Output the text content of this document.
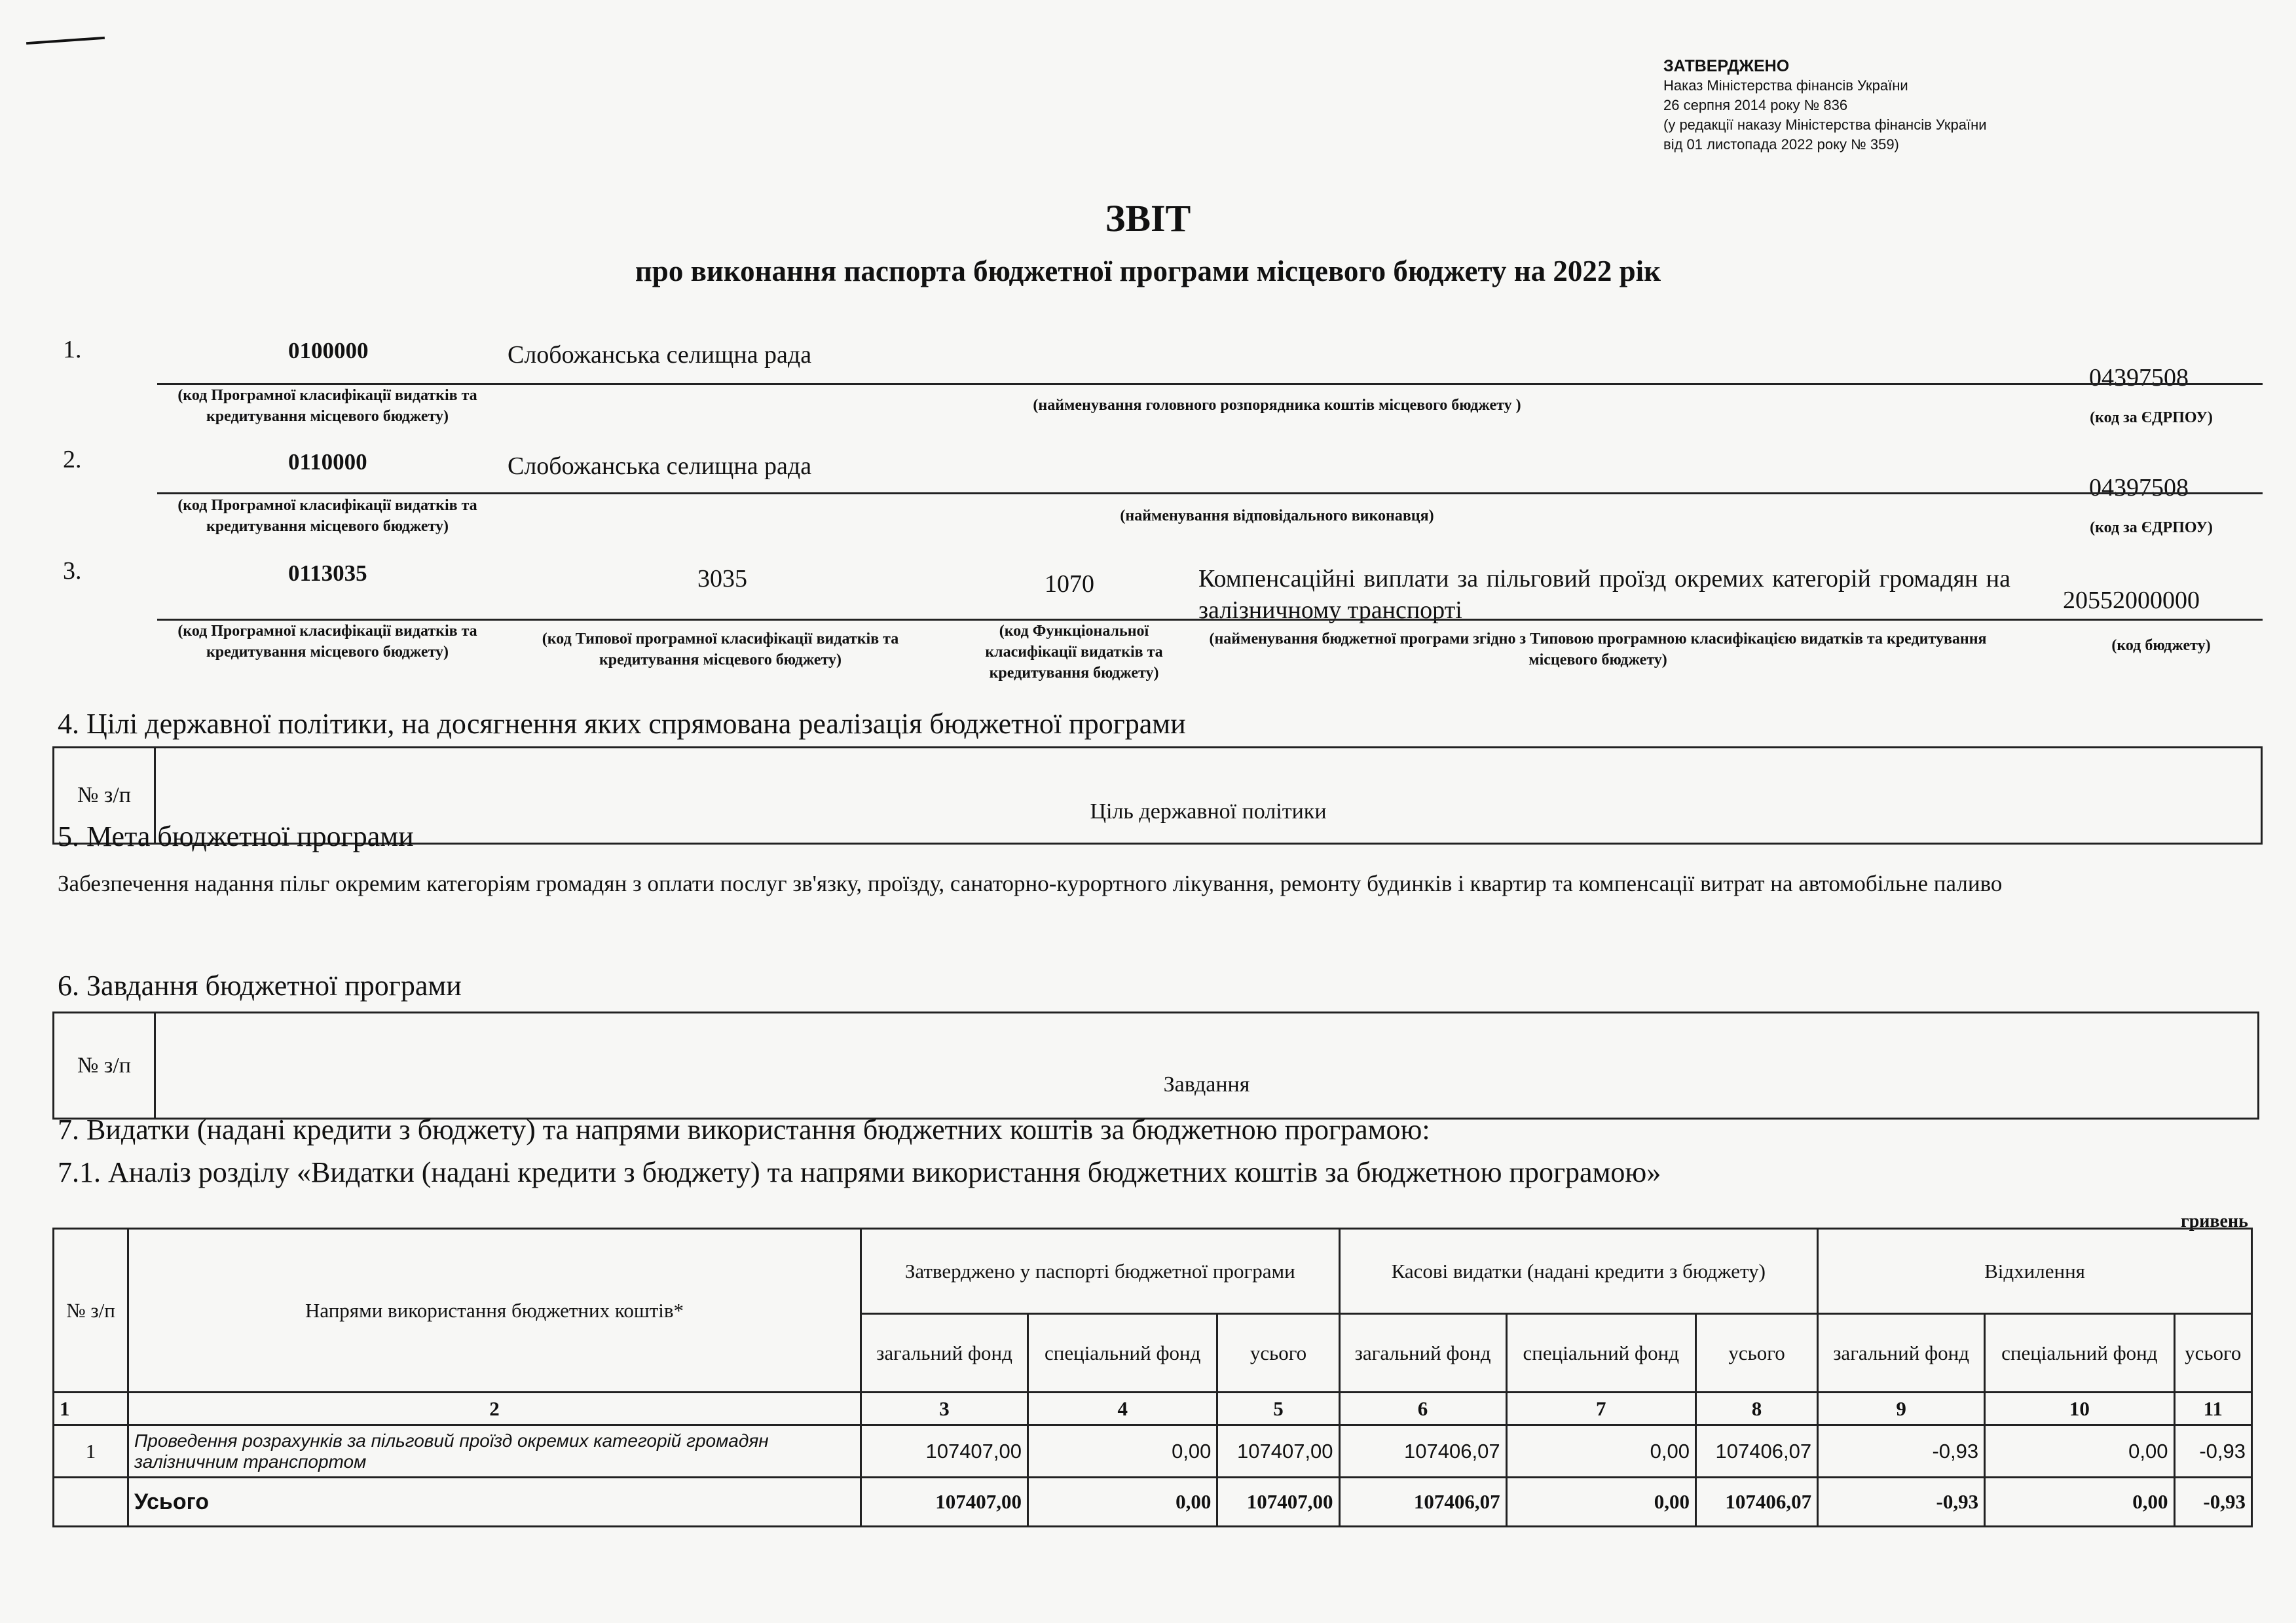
ЗАТВЕРДЖЕНО
Наказ Міністерства фінансів України
26 серпня 2014 року № 836
(у редакції наказу Міністерства фінансів України
від 01 листопада 2022 року № 359)
ЗВІТ
про виконання паспорта бюджетної програми місцевого бюджету на 2022 рік
1.	0100000	Слобожанська селищна рада
04397508
(код Програмної класифікації видатків та кредитування місцевого бюджету)
(найменування головного розпорядника коштів місцевого бюджету )
(код за ЄДРПОУ)
2.	0110000	Слобожанська селищна рада
04397508
(код Програмної класифікації видатків та кредитування місцевого бюджету)
(найменування відповідального виконавця)
(код за ЄДРПОУ)
3.	0113035	3035	1070	Компенсаційні виплати за пільговий проїзд окремих категорій громадян на залізничному транспорті	20552000000
(код Програмної класифікації видатків та кредитування місцевого бюджету)
(код Типової програмної класифікації видатків та кредитування місцевого бюджету)
(код Функціональної класифікації видатків та кредитування бюджету)
(найменування бюджетної програми згідно з Типовою програмною класифікацією видатків та кредитування місцевого бюджету)
(код бюджету)
4. Цілі державної політики, на досягнення яких спрямована реалізація бюджетної програми
№ з/п	Ціль державної політики
5. Мета бюджетної програми
Забезпечення надання пільг окремим категоріям громадян з оплати послуг зв'язку, проїзду, санаторно-курортного лікування, ремонту будинків і квартир та компенсації витрат на автомобільне паливо
6. Завдання бюджетної програми
№ з/п	Завдання
7. Видатки (надані кредити з бюджету) та напрями використання бюджетних коштів за бюджетною програмою:
7.1. Аналіз розділу «Видатки (надані кредити з бюджету) та напрями використання бюджетних коштів за бюджетною програмою»
гривень
№ з/п	Напрями використання бюджетних коштів*	Затверджено у паспорті бюджетної програми			Касові видатки (надані кредити з бюджету)			Відхилення		
		загальний фонд	спеціальний фонд	усього	загальний фонд	спеціальний фонд	усього	загальний фонд	спеціальний фонд	усього
1	2	3	4	5	6	7	8	9	10	11
1	Проведення розрахунків за пільговий проїзд окремих категорій громадян залізничним транспортом	107407,00	0,00	107407,00	107406,07	0,00	107406,07	-0,93	0,00	-0,93
	Усього	107407,00	0,00	107407,00	107406,07	0,00	107406,07	-0,93	0,00	-0,93
